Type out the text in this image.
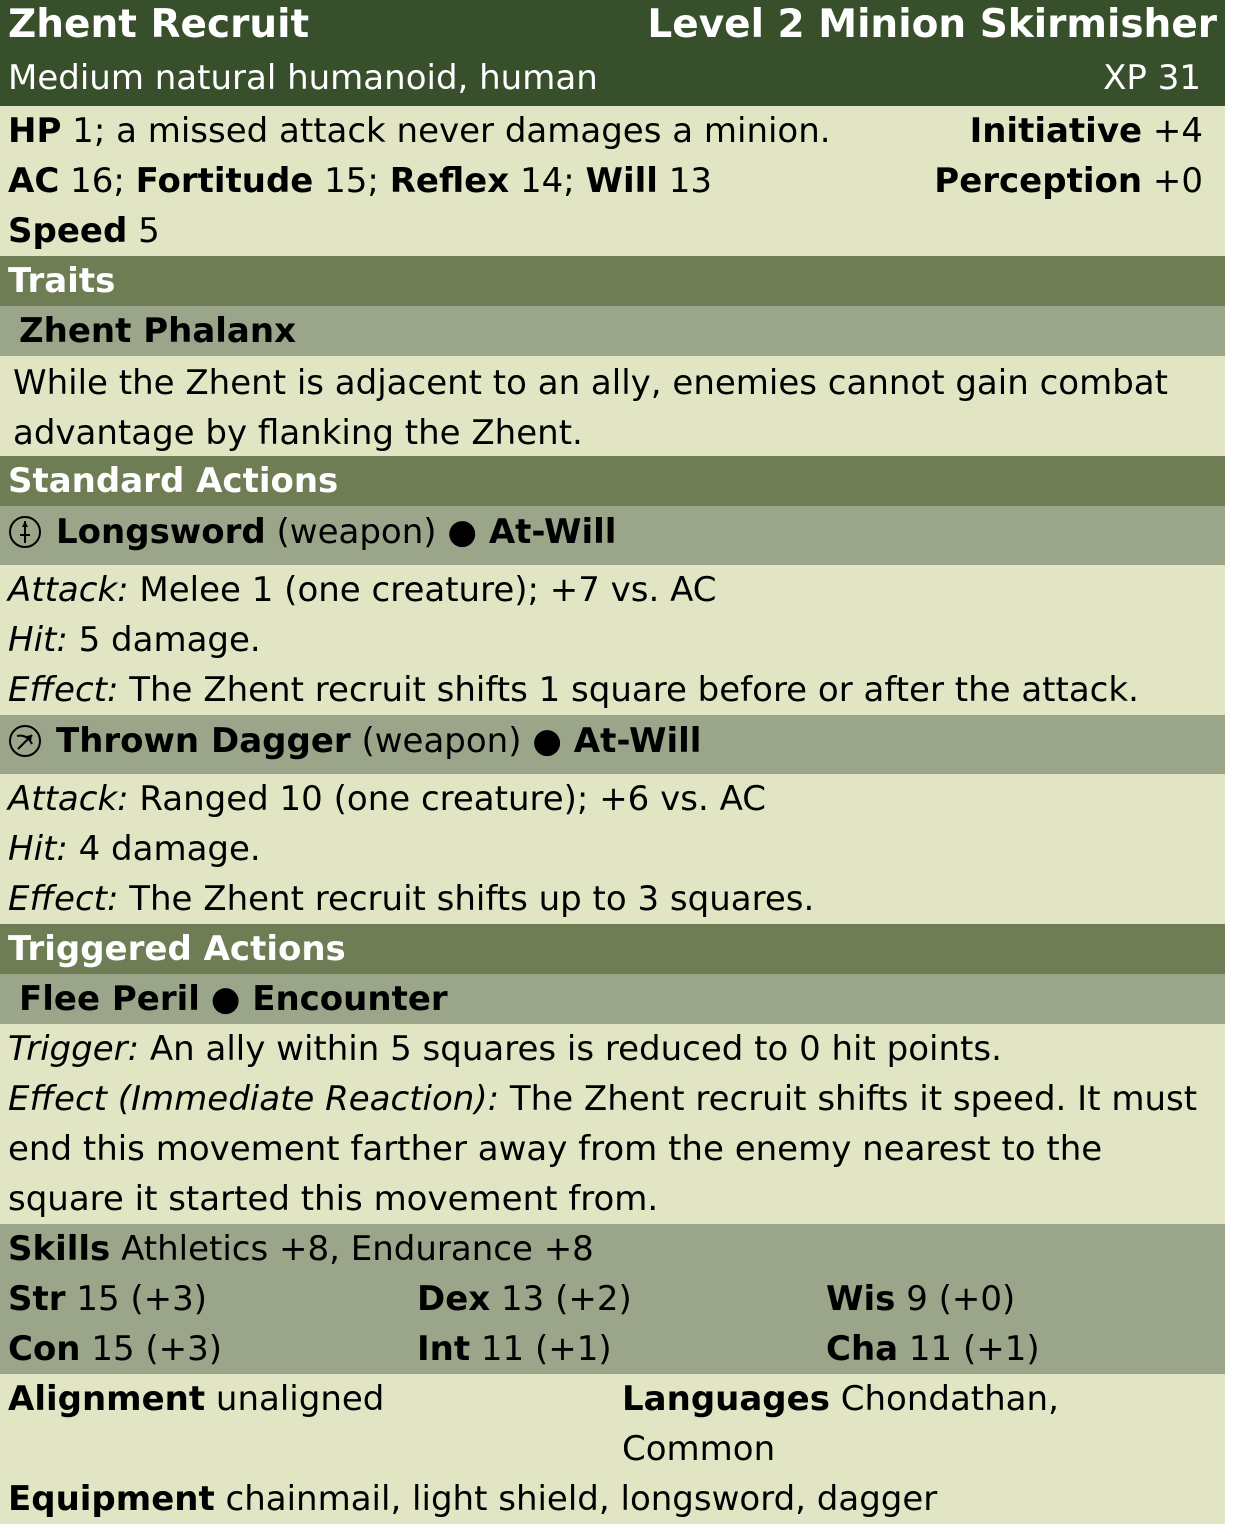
Zhent Recruit	Level 2 Minion Skirmisher
Medium natural humanoid, human	XP 31
HP 1; a missed attack never damages a minion.	Initiative +4
AC 16; Fortitude 15; Reflex 14; Will 13	Perception +0
Speed 5
Traits
Zhent Phalanx
While the Zhent is adjacent to an ally, enemies cannot gain combat advantage by flanking the Zhent.
Standard Actions
Longsword (weapon) ● At-Will
Attack: Melee 1 (one creature); +7 vs. AC
Hit: 5 damage.
Effect: The Zhent recruit shifts 1 square before or after the attack.
Thrown Dagger (weapon) ● At-Will
Attack: Ranged 10 (one creature); +6 vs. AC
Hit: 4 damage.
Effect: The Zhent recruit shifts up to 3 squares.
Triggered Actions
Flee Peril ● Encounter
Trigger: An ally within 5 squares is reduced to 0 hit points.
Effect (Immediate Reaction): The Zhent recruit shifts it speed. It must end this movement farther away from the enemy nearest to the square it started this movement from.
Skills Athletics +8, Endurance +8
Str 15 (+3)	Dex 13 (+2)	Wis 9 (+0)
Con 15 (+3)	Int 11 (+1)	Cha 11 (+1)
Alignment unaligned	Languages Chondathan, Common
Equipment chainmail, light shield, longsword, dagger
